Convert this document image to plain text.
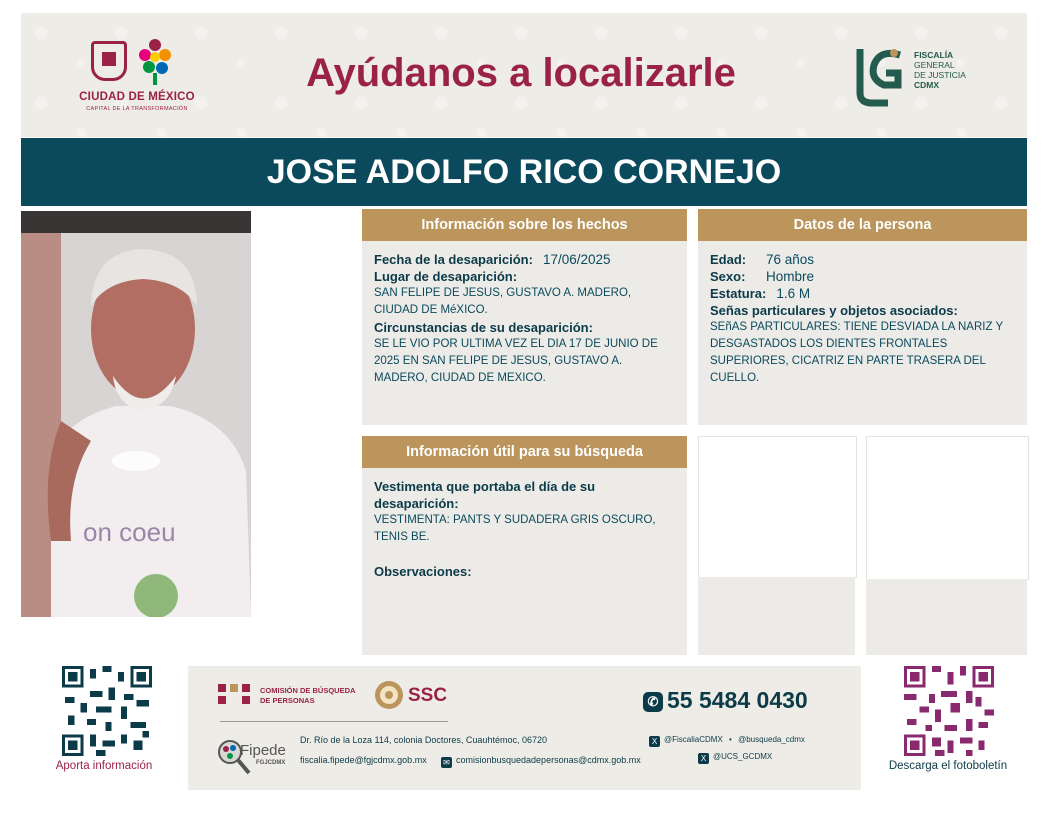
CIUDAD DE MÉXICO
CAPITAL DE LA TRANSFORMACIÓN
Ayúdanos a localizarle	FISCALÍA
GENERAL
DE JUSTICIA
CDMX
JOSE ADOLFO RICO CORNEJO
on coeu
Información sobre los hechos
Fecha de la desaparición: 17/06/2025
Lugar de desaparición:
SAN FELIPE DE JESUS, GUSTAVO A. MADERO, CIUDAD DE MéXICO.
Circunstancias de su desaparición:
SE LE VIO POR ULTIMA VEZ EL DIA 17 DE JUNIO DE 2025 EN SAN FELIPE DE JESUS, GUSTAVO A. MADERO, CIUDAD DE MEXICO.
Datos de la persona
Edad:	76 años
Sexo:	Hombre
Estatura: 1.6 M
Señas particulares y objetos asociados:
SEñAS PARTICULARES: TIENE DESVIADA LA NARIZ Y DESGASTADOS LOS DIENTES FRONTALES SUPERIORES, CICATRIZ EN PARTE TRASERA DEL CUELLO.
Información útil para su búsqueda
Vestimenta que portaba el día de su desaparición:
VESTIMENTA: PANTS Y SUDADERA GRIS OSCURO, TENIS BE.
Observaciones:
Aporta información
COMISIÓN DE BÚSQUEDA
DE PERSONAS	SSC
Fipede
FGJCDMX
Dr. Río de la Loza 114, colonia Doctores, Cuauhtémoc, 06720
fiscalia.fipede@fgjcdmx.gob.mx ✉ comisionbusquedadepersonas@cdmx.gob.mx
✆ 55 5484 0430
X @FiscaliaCDMX • @busqueda_cdmx
X @UCS_GCDMX
Descarga el fotoboletín
